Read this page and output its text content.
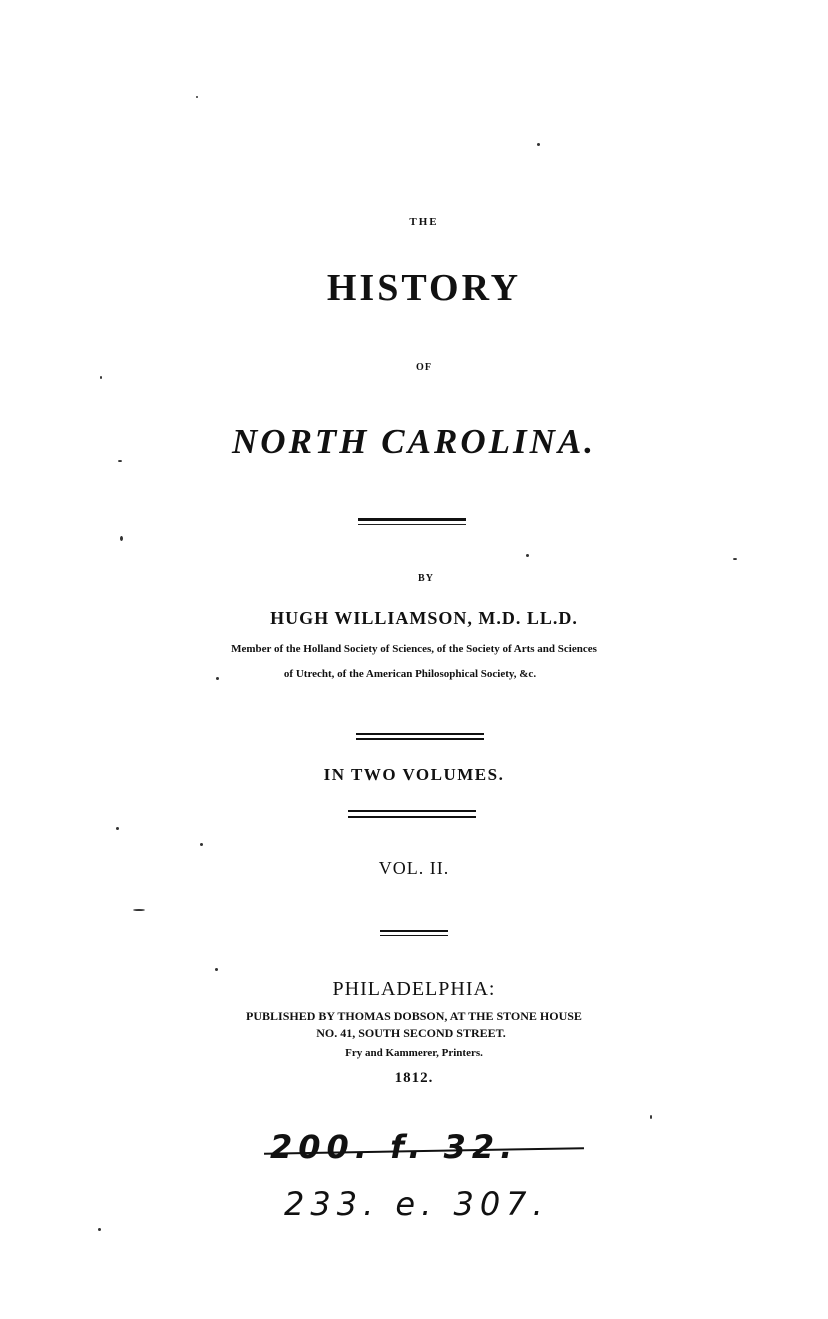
THE

HISTORY

OF

NORTH CAROLINA.

BY

HUGH WILLIAMSON, M.D. LL.D.

Member of the Holland Society of Sciences, of the Society of Arts and Sciences

of Utrecht, of the American Philosophical Society, &c.

IN TWO VOLUMES.

VOL. II.

PHILADELPHIA:

PUBLISHED BY THOMAS DOBSON, AT THE STONE HOUSE

NO. 41, SOUTH SECOND STREET.

Fry and Kammerer, Printers.

1812.

200. f. 32.
233. e. 307.
